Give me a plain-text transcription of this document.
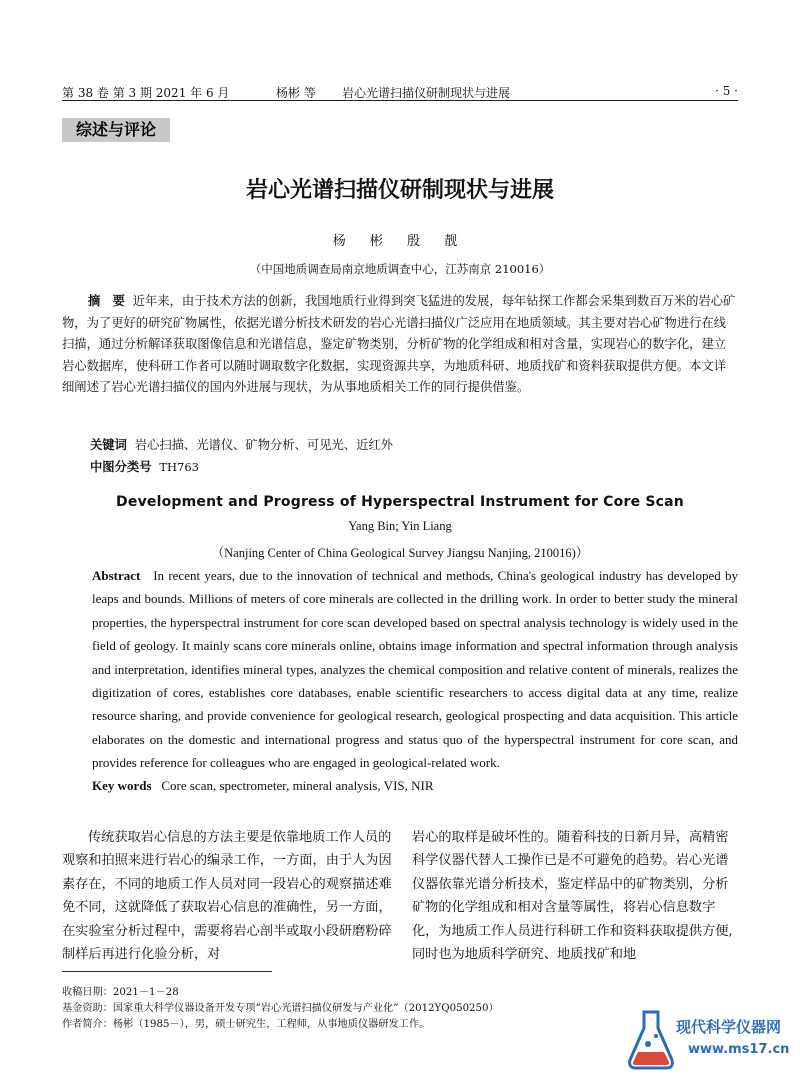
第 38 卷 第 3 期 2021 年 6 月	杨彬 等 岩心光谱扫描仪研制现状与进展	· 5 ·
综述与评论
岩心光谱扫描仪研制现状与进展
杨 彬 殷 靓
（中国地质调查局南京地质调查中心，江苏南京 210016）
摘　要 近年来，由于技术方法的创新，我国地质行业得到突飞猛进的发展，每年钻探工作都会采集到数百万米的岩心矿物，为了更好的研究矿物属性，依据光谱分析技术研发的岩心光谱扫描仪广泛应用在地质领域。其主要对岩心矿物进行在线扫描，通过分析解译获取图像信息和光谱信息，鉴定矿物类别，分析矿物的化学组成和相对含量，实现岩心的数字化，建立岩心数据库，使科研工作者可以随时调取数字化数据，实现资源共享，为地质科研、地质找矿和资料获取提供方便。本文详细阐述了岩心光谱扫描仪的国内外进展与现状，为从事地质相关工作的同行提供借鉴。
关键词 岩心扫描、光谱仪、矿物分析、可见光、近红外
中图分类号 TH763
Development and Progress of Hyperspectral Instrument for Core Scan
Yang Bin; Yin Liang
（Nanjing Center of China Geological Survey Jiangsu Nanjing, 210016)）
Abstract In recent years, due to the innovation of technical and methods, China's geological industry has developed by leaps and bounds. Millions of meters of core minerals are collected in the drilling work. In order to better study the mineral properties, the hyperspectral instrument for core scan developed based on spectral analysis technology is widely used in the field of geology. It mainly scans core minerals online, obtains image information and spectral information through analysis and interpretation, identifies mineral types, analyzes the chemical composition and relative content of minerals, realizes the digitization of cores, establishes core databases, enable scientific researchers to access digital data at any time, realize resource sharing, and provide convenience for geological research, geological prospecting and data acquisition. This article elaborates on the domestic and international progress and status quo of the hyperspectral instrument for core scan, and provides reference for colleagues who are engaged in geological-related work.
Key words Core scan, spectrometer, mineral analysis, VIS, NIR

传统获取岩心信息的方法主要是依靠地质工作人员的观察和拍照来进行岩心的编录工作，一方面，由于人为因素存在，不同的地质工作人员对同一段岩心的观察描述难免不同，这就降低了获取岩心信息的准确性，另一方面，在实验室分析过程中，需要将岩心剖半或取小段研磨粉碎制样后再进行化验分析，对

岩心的取样是破坏性的。随着科技的日新月异，高精密科学仪器代替人工操作已是不可避免的趋势。岩心光谱仪器依靠光谱分析技术，鉴定样品中的矿物类别，分析矿物的化学组成和相对含量等属性，将岩心信息数字化，为地质工作人员进行科研工作和资料获取提供方便,同时也为地质科学研究、地质找矿和地

收稿日期：2021－1－28
基金资助：国家重大科学仪器设备开发专项“岩心光谱扫描仪研发与产业化”（2012YQ050250）
作者简介：杨彬（1985－），男，硕士研究生，工程师，从事地质仪器研发工作。	现代科学仪器网
www.ms17.cn
